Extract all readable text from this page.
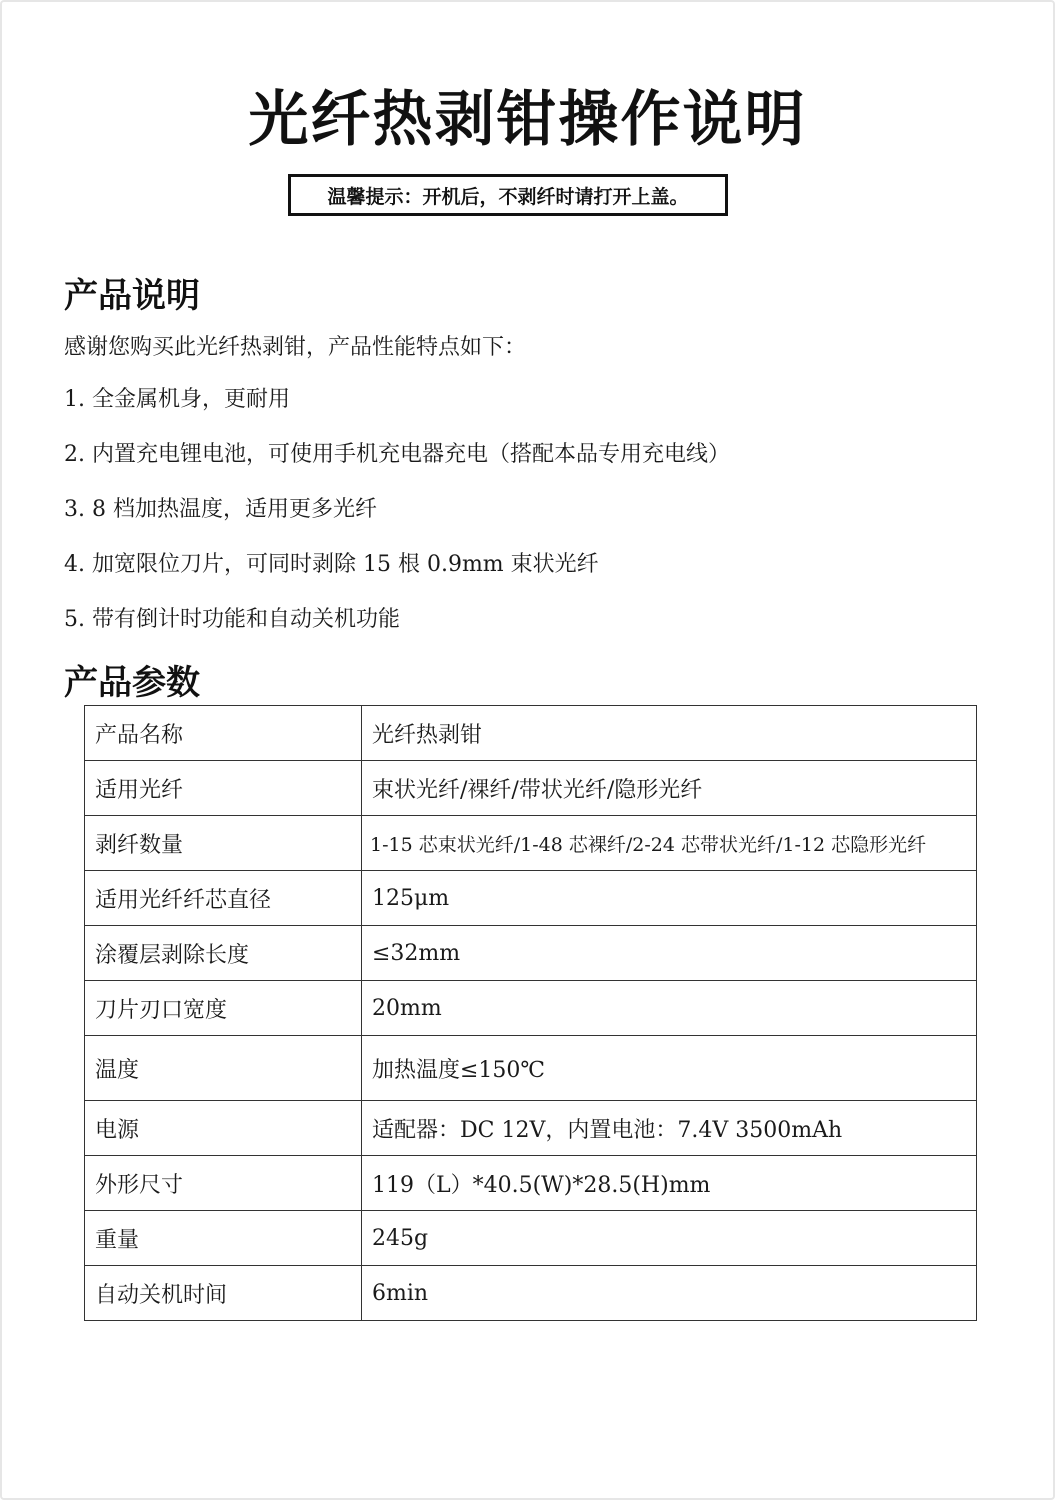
光纤热剥钳操作说明
温馨提示：开机后，不剥纤时请打开上盖。
产品说明
感谢您购买此光纤热剥钳，产品性能特点如下：
1. 全金属机身，更耐用
2. 内置充电锂电池，可使用手机充电器充电（搭配本品专用充电线）
3. 8 档加热温度，适用更多光纤
4. 加宽限位刀片，可同时剥除 15 根 0.9mm 束状光纤
5. 带有倒计时功能和自动关机功能
产品参数
产品名称	光纤热剥钳
适用光纤	束状光纤/裸纤/带状光纤/隐形光纤
剥纤数量	1-15 芯束状光纤/1-48 芯裸纤/2-24 芯带状光纤/1-12 芯隐形光纤
适用光纤纤芯直径	125μm
涂覆层剥除长度	≤32mm
刀片刃口宽度	20mm
温度	加热温度≤150℃
电源	适配器：DC 12V，内置电池：7.4V 3500mAh
外形尺寸	119（L）*40.5(W)*28.5(H)mm
重量	245g
自动关机时间	6min
